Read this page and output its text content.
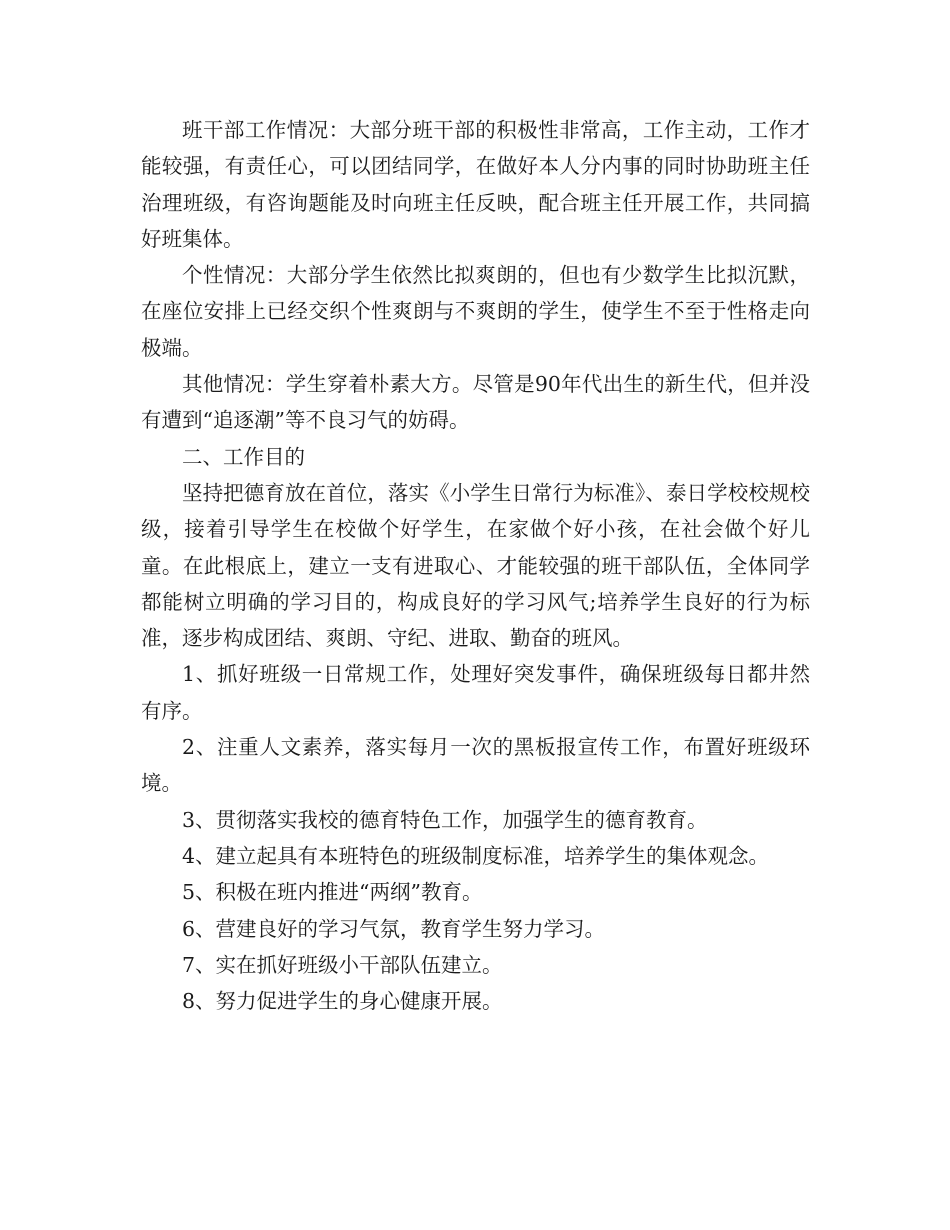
班干部工作情况：大部分班干部的积极性非常高，工作主动，工作才能较强，有责任心，可以团结同学，在做好本人分内事的同时协助班主任治理班级，有咨询题能及时向班主任反映，配合班主任开展工作，共同搞好班集体。

个性情况：大部分学生依然比拟爽朗的，但也有少数学生比拟沉默，在座位安排上已经交织个性爽朗与不爽朗的学生，使学生不至于性格走向极端。

其他情况：学生穿着朴素大方。尽管是90年代出生的新生代，但并没有遭到“追逐潮”等不良习气的妨碍。

二、工作目的

坚持把德育放在首位，落实《小学生日常行为标准》、泰日学校校规校级，接着引导学生在校做个好学生，在家做个好小孩，在社会做个好儿童。在此根底上，建立一支有进取心、才能较强的班干部队伍，全体同学都能树立明确的学习目的，构成良好的学习风气;培养学生良好的行为标准，逐步构成团结、爽朗、守纪、进取、勤奋的班风。

1、抓好班级一日常规工作，处理好突发事件，确保班级每日都井然有序。

2、注重人文素养，落实每月一次的黑板报宣传工作，布置好班级环境。

3、贯彻落实我校的德育特色工作，加强学生的德育教育。

4、建立起具有本班特色的班级制度标准，培养学生的集体观念。

5、积极在班内推进“两纲”教育。

6、营建良好的学习气氛，教育学生努力学习。

7、实在抓好班级小干部队伍建立。

8、努力促进学生的身心健康开展。
